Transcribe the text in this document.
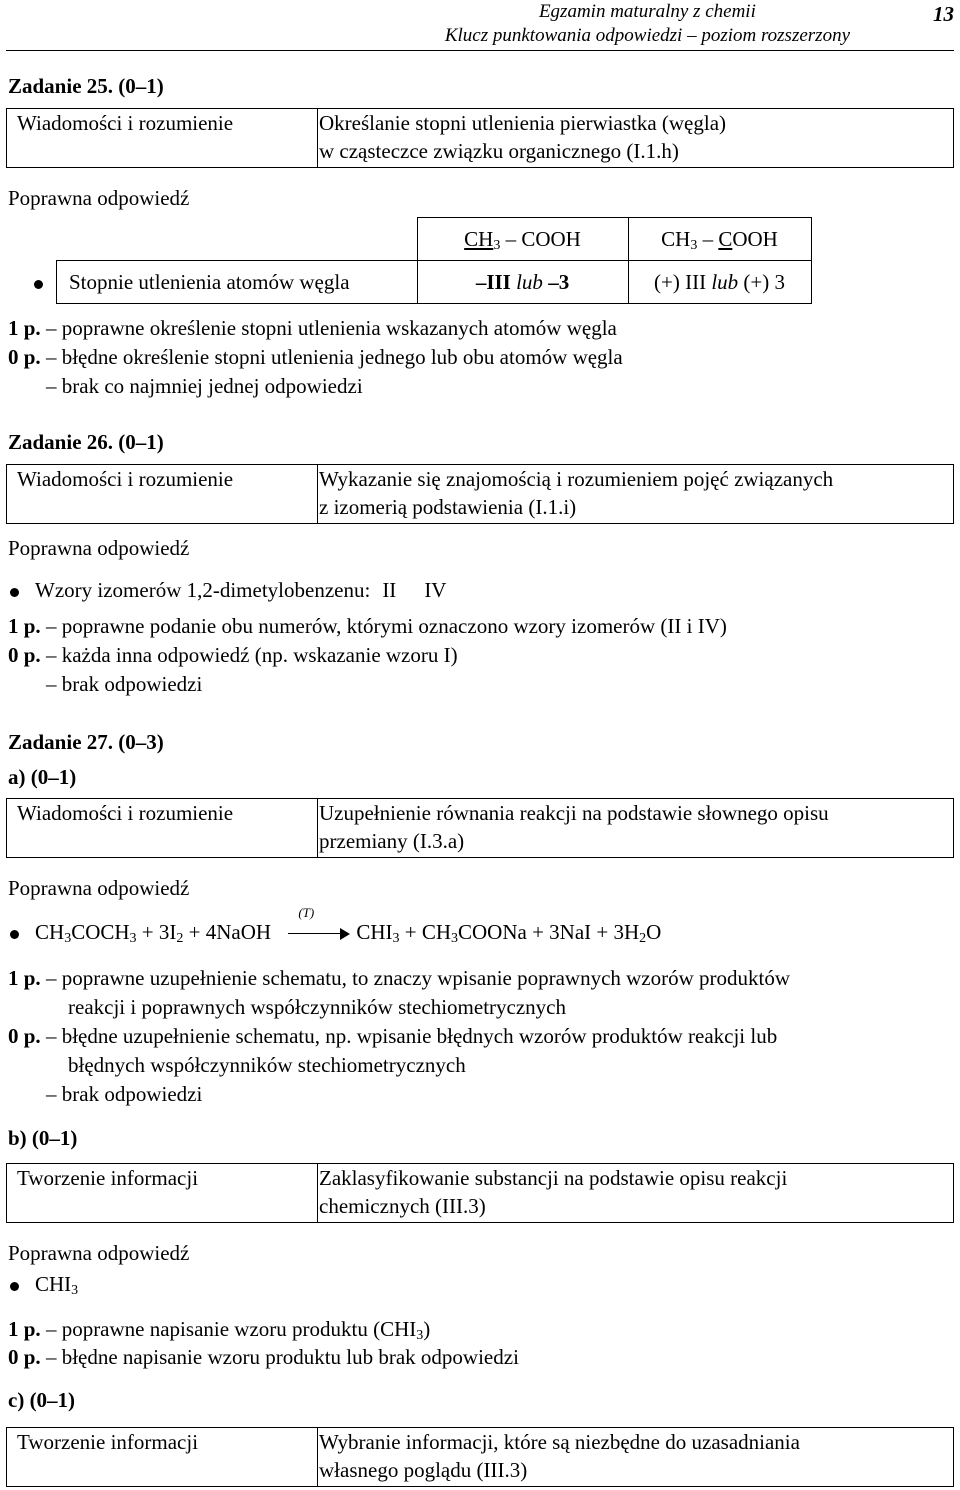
Egzamin maturalny z chemii
Klucz punktowania odpowiedzi – poziom rozszerzony
13
Zadanie 25. (0–1)
Wiadomości i rozumienie	Określanie stopni utlenienia pierwiastka (węgla)
w cząsteczce związku organicznego (I.1.h)
Poprawna odpowiedź
	$CH_3$ – COOH	$CH_3$ – COOH
Stopnie utlenienia atomów węgla	–III lub –3	(+) III lub (+) 3
1 p. – poprawne określenie stopni utlenienia wskazanych atomów węgla
0 p. – błędne określenie stopni utlenienia jednego lub obu atomów węgla
– brak co najmniej jednej odpowiedzi
Zadanie 26. (0–1)
Wiadomości i rozumienie	Wykazanie się znajomością i rozumieniem pojęć związanych
z izomerią podstawienia (I.1.i)
Poprawna odpowiedź
Wzory izomerów 1,2-dimetylobenzenu: II IV
1 p. – poprawne podanie obu numerów, którymi oznaczono wzory izomerów (II i IV)
0 p. – każda inna odpowiedź (np. wskazanie wzoru I)
– brak odpowiedzi
Zadanie 27. (0–3)
a) (0–1)
Wiadomości i rozumienie	Uzupełnienie równania reakcji na podstawie słownego opisu
przemiany (I.3.a)
Poprawna odpowiedź
$CH_3COCH_3 + 3I_2$ + 4NaOH
(T)
$CHI_3$ + $CH_3COONa + 3NaI + 3H_2O$
1 p. – poprawne uzupełnienie schematu, to znaczy wpisanie poprawnych wzorów produktów
reakcji i poprawnych współczynników stechiometrycznych
0 p. – błędne uzupełnienie schematu, np. wpisanie błędnych wzorów produktów reakcji lub
błędnych współczynników stechiometrycznych
– brak odpowiedzi
b) (0–1)
Tworzenie informacji	Zaklasyfikowanie substancji na podstawie opisu reakcji
chemicznych (III.3)
Poprawna odpowiedź
$CHI_3$
1 p. – poprawne napisanie wzoru produktu $(CHI_3)$
0 p. – błędne napisanie wzoru produktu lub brak odpowiedzi
c) (0–1)
Tworzenie informacji	Wybranie informacji, które są niezbędne do uzasadniania
własnego poglądu (III.3)
